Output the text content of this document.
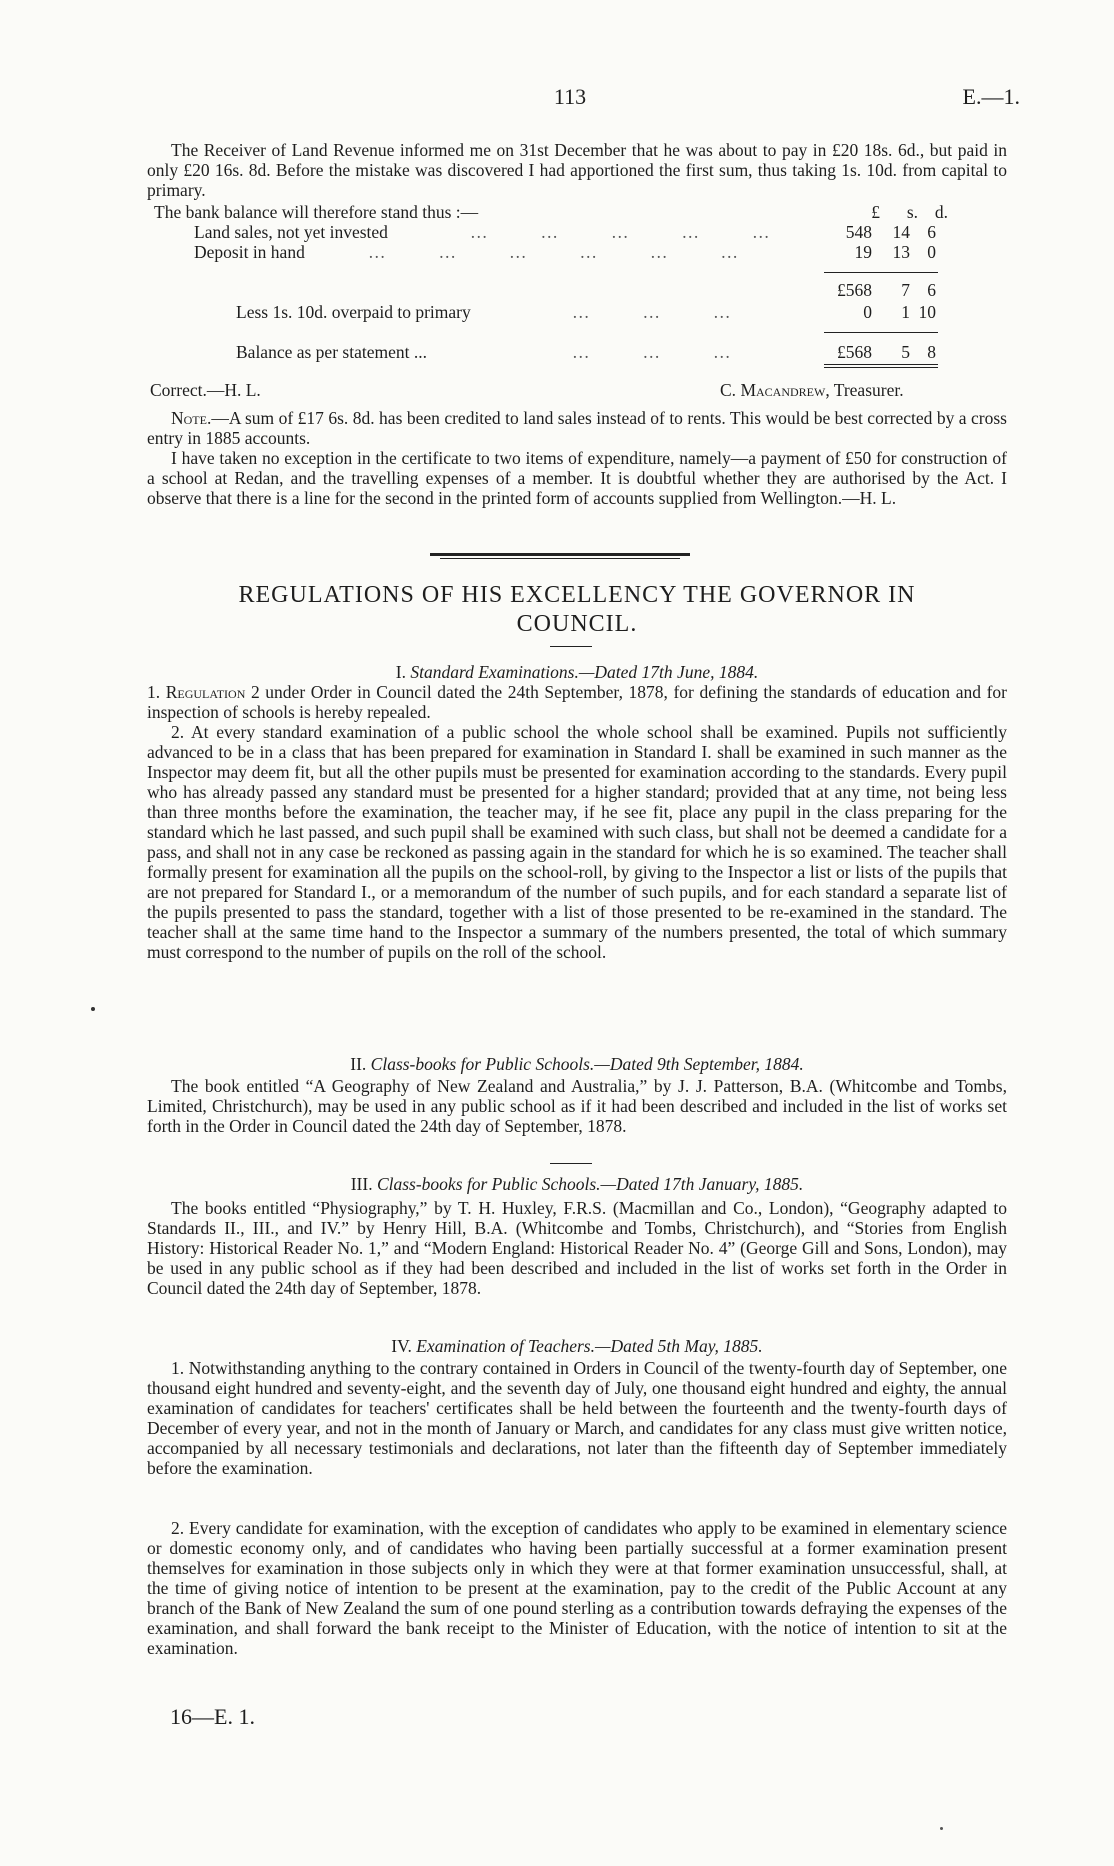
113	E.—1.

The Receiver of Land Revenue informed me on 31st December that he was about to pay in £20 18s. 6d., but paid in only £20 16s. 8d. Before the mistake was discovered I had apportioned the first sum, thus taking 1s. 10d. from capital to primary.

The bank balance will therefore stand thus :—	£	s. d.
Land sales, not yet invested	…        …        …        …        …	548	14 6
Deposit in hand	…        …        …        …        …        …	19	13 0
£568	7 6
Less 1s. 10d. overpaid to primary	…        …        …	0	1 10
Balance as per statement ...	…        …        …	£568	5 8
Correct.—H. L.	C. Macandrew, Treasurer.

Note.—A sum of £17 6s. 8d. has been credited to land sales instead of to rents. This would be best corrected by a cross entry in 1885 accounts.

I have taken no exception in the certificate to two items of expenditure, namely—a payment of £50 for construction of a school at Redan, and the travelling expenses of a member. It is doubtful whether they are authorised by the Act. I observe that there is a line for the second in the printed form of accounts supplied from Wellington.—H. L.

REGULATIONS OF HIS EXCELLENCY THE GOVERNOR IN
COUNCIL.
I. Standard Examinations.—Dated 17th June, 1884.

1. Regulation 2 under Order in Council dated the 24th September, 1878, for defining the standards of education and for inspection of schools is hereby repealed.

2. At every standard examination of a public school the whole school shall be examined. Pupils not sufficiently advanced to be in a class that has been prepared for examination in Standard I. shall be examined in such manner as the Inspector may deem fit, but all the other pupils must be presented for examination according to the standards. Every pupil who has already passed any standard must be presented for a higher standard; provided that at any time, not being less than three months before the examination, the teacher may, if he see fit, place any pupil in the class preparing for the standard which he last passed, and such pupil shall be examined with such class, but shall not be deemed a candidate for a pass, and shall not in any case be reckoned as passing again in the standard for which he is so examined. The teacher shall formally present for examination all the pupils on the school-roll, by giving to the Inspector a list or lists of the pupils that are not prepared for Standard I., or a memorandum of the number of such pupils, and for each standard a separate list of the pupils presented to pass the standard, together with a list of those presented to be re-examined in the standard. The teacher shall at the same time hand to the Inspector a summary of the numbers presented, the total of which summary must correspond to the number of pupils on the roll of the school.

II. Class-books for Public Schools.—Dated 9th September, 1884.

The book entitled “A Geography of New Zealand and Australia,” by J. J. Patterson, B.A. (Whitcombe and Tombs, Limited, Christchurch), may be used in any public school as if it had been described and included in the list of works set forth in the Order in Council dated the 24th day of September, 1878.

III. Class-books for Public Schools.—Dated 17th January, 1885.

The books entitled “Physiography,” by T. H. Huxley, F.R.S. (Macmillan and Co., London), “Geography adapted to Standards II., III., and IV.” by Henry Hill, B.A. (Whitcombe and Tombs, Christchurch), and “Stories from English History: Historical Reader No. 1,” and “Modern England: Historical Reader No. 4” (George Gill and Sons, London), may be used in any public school as if they had been described and included in the list of works set forth in the Order in Council dated the 24th day of September, 1878.

IV. Examination of Teachers.—Dated 5th May, 1885.

1. Notwithstanding anything to the contrary contained in Orders in Council of the twenty-fourth day of September, one thousand eight hundred and seventy-eight, and the seventh day of July, one thousand eight hundred and eighty, the annual examination of candidates for teachers' certificates shall be held between the fourteenth and the twenty-fourth days of December of every year, and not in the month of January or March, and candidates for any class must give written notice, accompanied by all necessary testimonials and declarations, not later than the fifteenth day of September immediately before the examination.

2. Every candidate for examination, with the exception of candidates who apply to be examined in elementary science or domestic economy only, and of candidates who having been partially successful at a former examination present themselves for examination in those subjects only in which they were at that former examination unsuccessful, shall, at the time of giving notice of intention to be present at the examination, pay to the credit of the Public Account at any branch of the Bank of New Zealand the sum of one pound sterling as a contribution towards defraying the expenses of the examination, and shall forward the bank receipt to the Minister of Education, with the notice of intention to sit at the examination.

16—E. 1.
